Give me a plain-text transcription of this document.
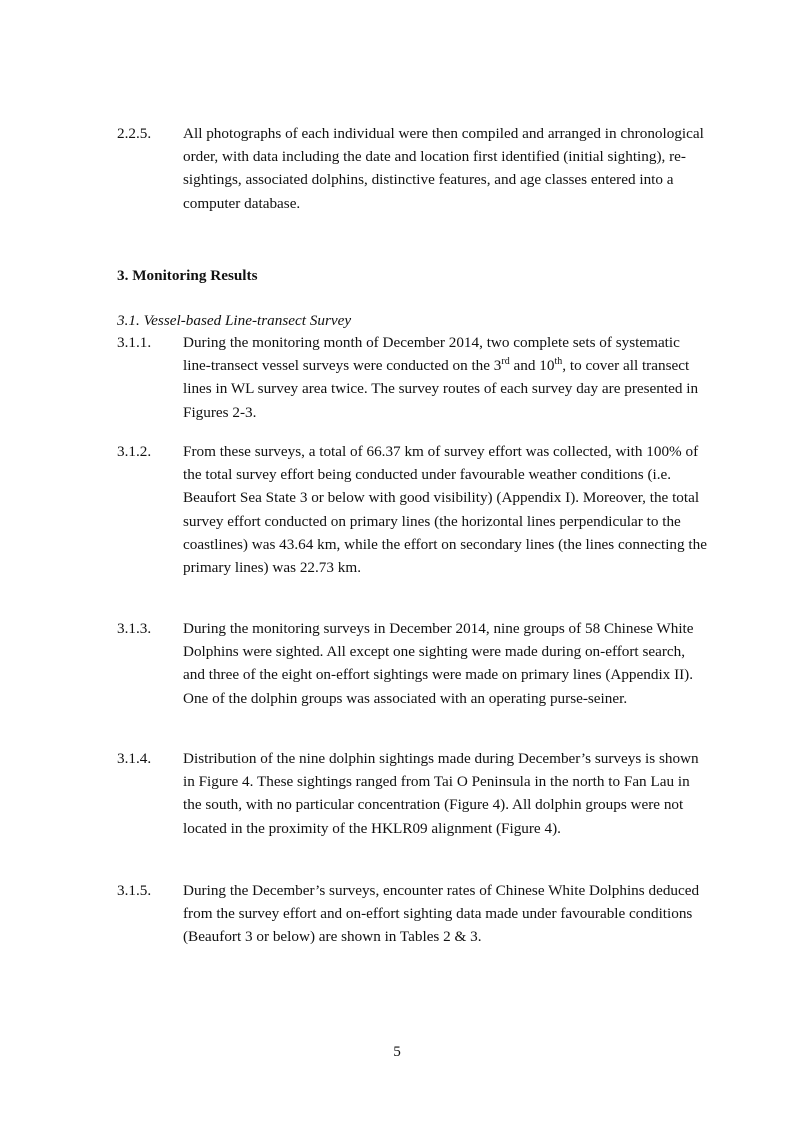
2.2.5.	All photographs of each individual were then compiled and arranged in chronological order, with data including the date and location first identified (initial sighting), re-sightings, associated dolphins, distinctive features, and age classes entered into a computer database.
3. Monitoring Results
3.1. Vessel-based Line-transect Survey
3.1.1.	During the monitoring month of December 2014, two complete sets of systematic line-transect vessel surveys were conducted on the 3rd and 10th, to cover all transect lines in WL survey area twice. The survey routes of each survey day are presented in Figures 2-3.
3.1.2.	From these surveys, a total of 66.37 km of survey effort was collected, with 100% of the total survey effort being conducted under favourable weather conditions (i.e. Beaufort Sea State 3 or below with good visibility) (Appendix I). Moreover, the total survey effort conducted on primary lines (the horizontal lines perpendicular to the coastlines) was 43.64 km, while the effort on secondary lines (the lines connecting the primary lines) was 22.73 km.
3.1.3.	During the monitoring surveys in December 2014, nine groups of 58 Chinese White Dolphins were sighted. All except one sighting were made during on-effort search, and three of the eight on-effort sightings were made on primary lines (Appendix II). One of the dolphin groups was associated with an operating purse-seiner.
3.1.4.	Distribution of the nine dolphin sightings made during December’s surveys is shown in Figure 4. These sightings ranged from Tai O Peninsula in the north to Fan Lau in the south, with no particular concentration (Figure 4). All dolphin groups were not located in the proximity of the HKLR09 alignment (Figure 4).
3.1.5.	During the December’s surveys, encounter rates of Chinese White Dolphins deduced from the survey effort and on-effort sighting data made under favourable conditions (Beaufort 3 or below) are shown in Tables 2 & 3.
5
